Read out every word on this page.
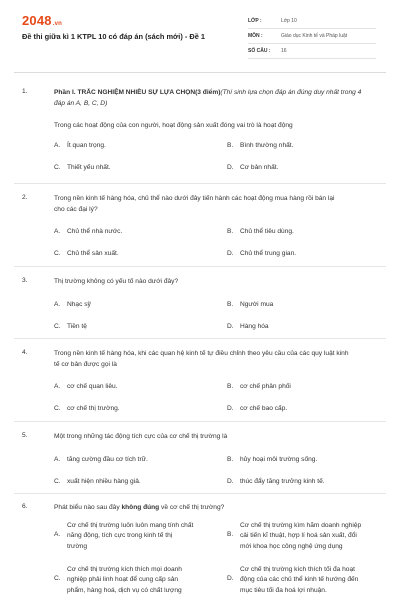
2048.vn
Đề thi giữa kì 1 KTPL 10 có đáp án (sách mới) - Đề 1
LỚP :	Lớp 10
MÔN :	Giáo dục Kinh tế và Pháp luật
SỐ CÂU :	16
1.	Phần I. TRẮC NGHIỆM NHIỀU SỰ LỰA CHỌN(3 điểm)(Thí sinh lựa chọn đáp án đúng duy nhất trong 4 đáp án A, B, C, D)
Trong các hoạt động của con người, hoạt động sản xuất đóng vai trò là hoạt động
A. Ít quan trọng.	B. Bình thường nhất.
C. Thiết yếu nhất.	D. Cơ bản nhất.
2.	Trong nền kinh tế hàng hóa, chủ thể nào dưới đây tiến hành các hoạt động mua hàng rồi bán lại
cho các đại lý?
A. Chủ thể nhà nước.	B. Chủ thể tiêu dùng.
C. Chủ thể sản xuất.	D. Chủ thể trung gian.
3.	Thị trường không có yếu tố nào dưới đây?
A. Nhạc sỹ	B. Người mua
C. Tiền tệ	D. Hàng hóa
4.	Trong nền kinh tế hàng hóa, khi các quan hệ kinh tế tự điều chỉnh theo yêu cầu của các quy luật kinh
tế cơ bản được gọi là
A. cơ chế quan liêu.	B. cơ chế phân phối
C. cơ chế thị trường.	D. cơ chế bao cấp.
5.	Một trong những tác động tích cực của cơ chế thị trường là
A. tăng cường đầu cơ tích trữ.	B. hủy hoại môi trường sống.
C. xuất hiện nhiều hàng giả.	D. thúc đẩy tăng trưởng kinh tế.
6.	Phát biểu nào sau đây không đúng về cơ chế thị trường?
A.
Cơ chế thị trường luôn luôn mang tính chất
năng động, tích cực trong kinh tế thị
trường
B.
Cơ chế thị trường kìm hãm doanh nghiệp
cải tiến kĩ thuật, hợp lí hoá sản xuất, đổi
mới khoa học công nghệ ứng dụng
C.
Cơ chế thị trường kích thích mọi doanh
nghiệp phải linh hoạt để cung cấp sản
phẩm, hàng hoá, dịch vụ có chất lượng
D.
Cơ chế thị trường kích thích tối đa hoạt
động của các chủ thể kinh tế hướng đến
mục tiêu tối đa hoá lợi nhuận.
